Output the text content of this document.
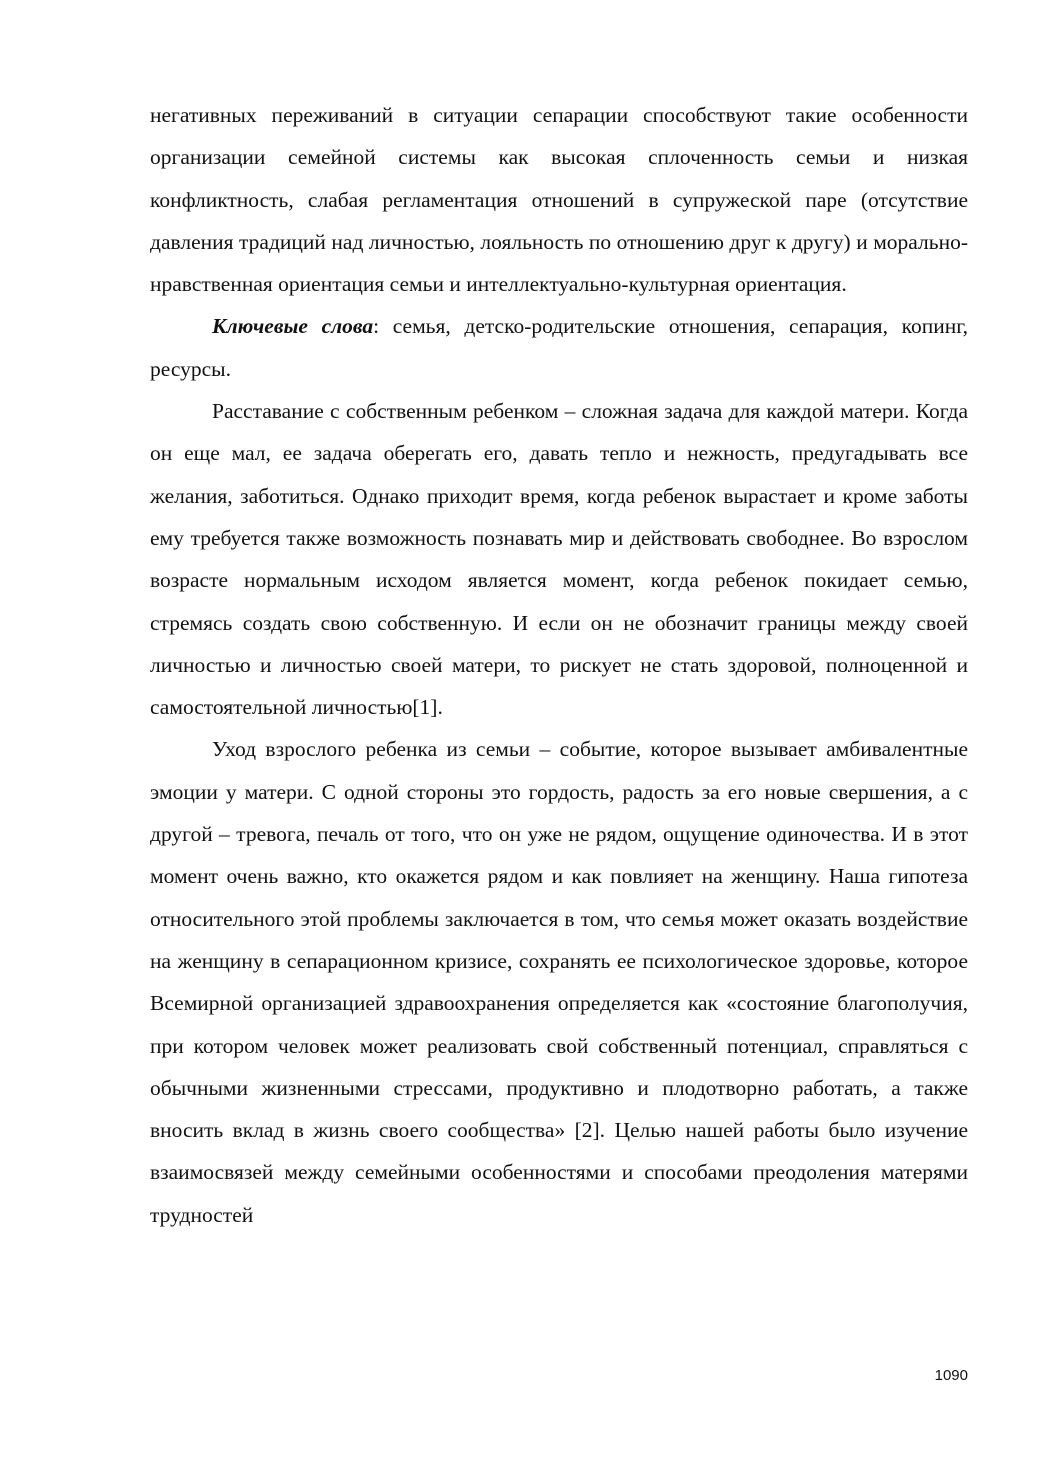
негативных переживаний в ситуации сепарации способствуют такие особенности организации семейной системы как высокая сплоченность семьи и низкая конфликтность, слабая регламентация отношений в супружеской паре (отсутствие давления традиций над личностью, лояльность по отношению друг к другу) и морально-нравственная ориентация семьи и интеллектуально-культурная ориентация.

Ключевые слова: семья, детско-родительские отношения, сепарация, копинг, ресурсы.

Расставание с собственным ребенком – сложная задача для каждой матери. Когда он еще мал, ее задача оберегать его, давать тепло и нежность, предугадывать все желания, заботиться. Однако приходит время, когда ребенок вырастает и кроме заботы ему требуется также возможность познавать мир и действовать свободнее. Во взрослом возрасте нормальным исходом является момент, когда ребенок покидает семью, стремясь создать свою собственную. И если он не обозначит границы между своей личностью и личностью своей матери, то рискует не стать здоровой, полноценной и самостоятельной личностью[1].

Уход взрослого ребенка из семьи – событие, которое вызывает амбивалентные эмоции у матери. С одной стороны это гордость, радость за его новые свершения, а с другой – тревога, печаль от того, что он уже не рядом, ощущение одиночества. И в этот момент очень важно, кто окажется рядом и как повлияет на женщину. Наша гипотеза относительного этой проблемы заключается в том, что семья может оказать воздействие на женщину в сепарационном кризисе, сохранять ее психологическое здоровье, которое Всемирной организацией здравоохранения определяется как «состояние благополучия, при котором человек может реализовать свой собственный потенциал, справляться с обычными жизненными стрессами, продуктивно и плодотворно работать, а также вносить вклад в жизнь своего сообщества» [2]. Целью нашей работы было изучение взаимосвязей между семейными особенностями и способами преодоления матерями трудностей

1090
